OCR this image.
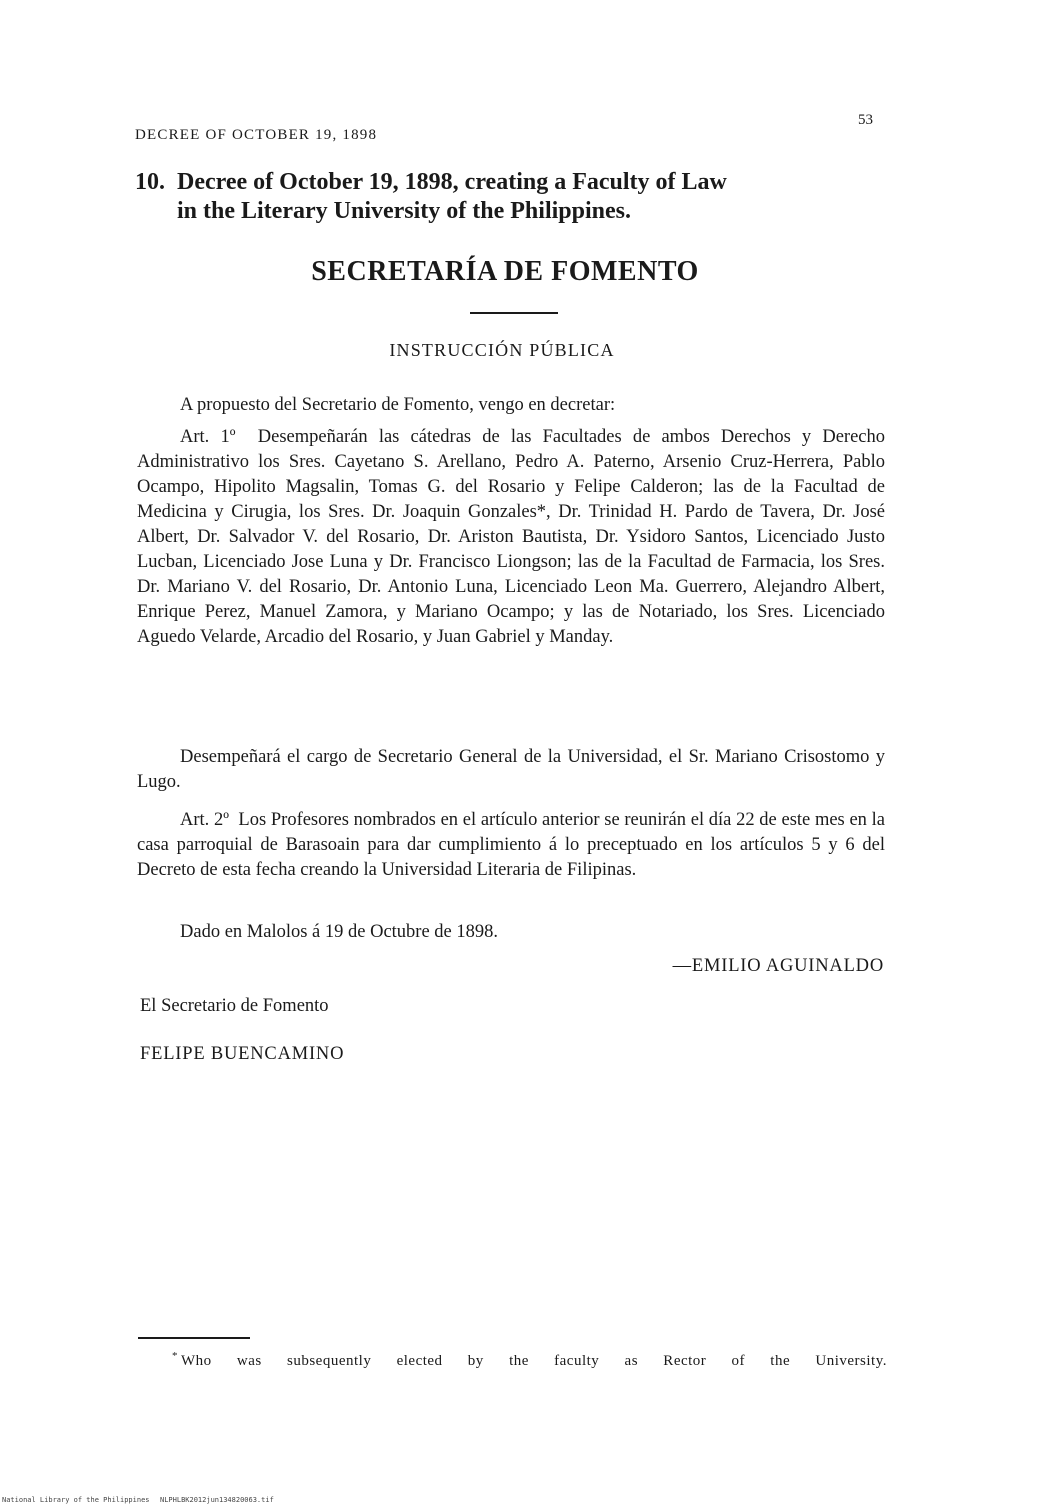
DECREE OF OCTOBER 19, 1898
53
10. Decree of October 19, 1898, creating a Faculty of Law
in the Literary University of the Philippines.
SECRETARÍA DE FOMENTO
INSTRUCCIÓN PÚBLICA

A propuesto del Secretario de Fomento, vengo en decretar:

Art. 1º Desempeñarán las cátedras de las Facultades de ambos Derechos y Derecho Administrativo los Sres. Cayetano S. Arellano, Pedro A. Paterno, Arsenio Cruz-Herrera, Pablo Ocampo, Hipolito Magsalin, Tomas G. del Rosario y Felipe Calderon; las de la Facultad de Medicina y Cirugia, los Sres. Dr. Joaquin Gonzales*, Dr. Trinidad H. Pardo de Tavera, Dr. José Albert, Dr. Salvador V. del Rosario, Dr. Ariston Bautista, Dr. Ysidoro Santos, Licenciado Justo Lucban, Licenciado Jose Luna y Dr. Francisco Liongson; las de la Facultad de Farmacia, los Sres. Dr. Mariano V. del Rosario, Dr. Antonio Luna, Licenciado Leon Ma. Guerrero, Alejandro Albert, Enrique Perez, Manuel Zamora, y Mariano Ocampo; y las de Notariado, los Sres. Licenciado Aguedo Velarde, Arcadio del Rosario, y Juan Gabriel y Manday.

Desempeñará el cargo de Secretario General de la Universidad, el Sr. Mariano Crisostomo y Lugo.

Art. 2º Los Profesores nombrados en el artículo anterior se reunirán el día 22 de este mes en la casa parroquial de Barasoain para dar cumplimiento á lo preceptuado en los artículos 5 y 6 del Decreto de esta fecha creando la Universidad Literaria de Filipinas.

Dado en Malolos á 19 de Octubre de 1898.

—EMILIO AGUINALDO
El Secretario de Fomento
FELIPE BUENCAMINO
* Who was subsequently elected by the faculty as Rector of the University.
National Library of the Philippines NLPHLBK2012jun134820063.tif
